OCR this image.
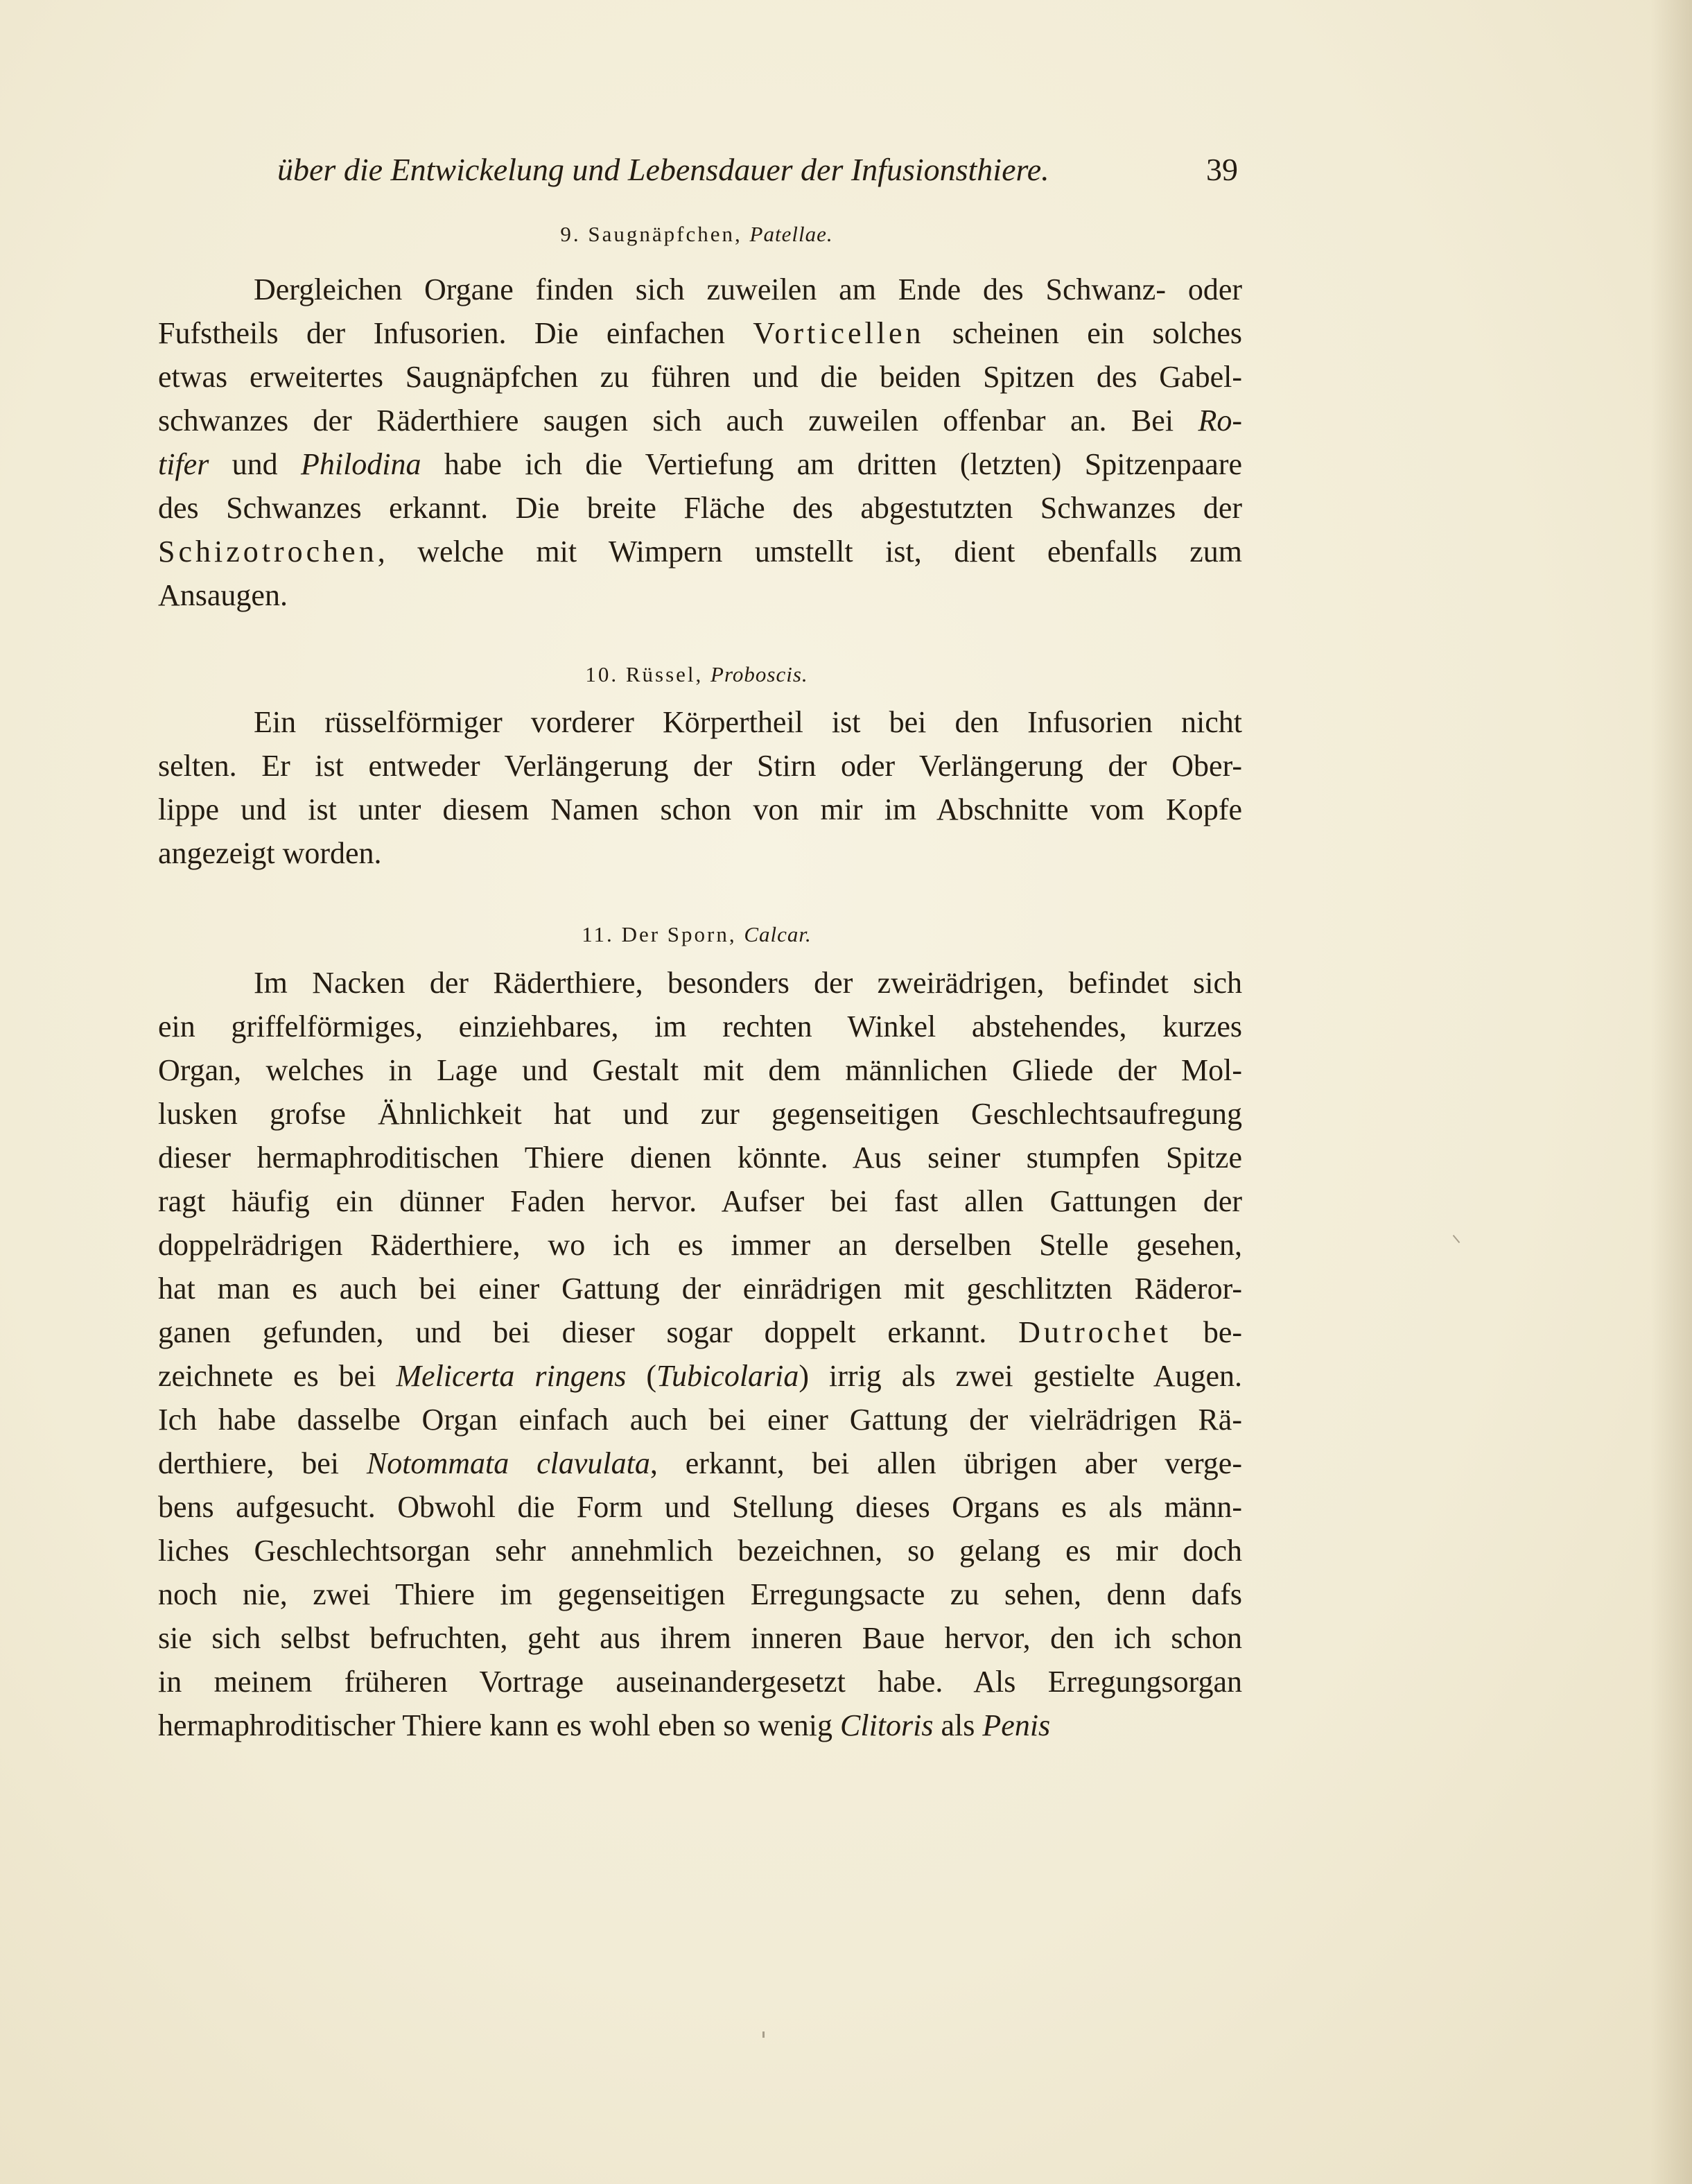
über die Entwickelung und Lebensdauer der Infusionsthiere.	39
9. Saugnäpfchen, Patellae.
Dergleichen Organe finden sich zuweilen am Ende des Schwanz- oder
Fufstheils der Infusorien. Die einfachen Vorticellen scheinen ein solches
etwas erweitertes Saugnäpfchen zu führen und die beiden Spitzen des Gabel-
schwanzes der Räderthiere saugen sich auch zuweilen offenbar an. Bei Ro-
tifer und Philodina habe ich die Vertiefung am dritten (letzten) Spitzenpaare
des Schwanzes erkannt. Die breite Fläche des abgestutzten Schwanzes der
Schizotrochen, welche mit Wimpern umstellt ist, dient ebenfalls zum
Ansaugen.
10. Rüssel, Proboscis.
Ein rüsselförmiger vorderer Körpertheil ist bei den Infusorien nicht
selten. Er ist entweder Verlängerung der Stirn oder Verlängerung der Ober-
lippe und ist unter diesem Namen schon von mir im Abschnitte vom Kopfe
angezeigt worden.
11. Der Sporn, Calcar.
Im Nacken der Räderthiere, besonders der zweirädrigen, befindet sich
ein griffelförmiges, einziehbares, im rechten Winkel abstehendes, kurzes
Organ, welches in Lage und Gestalt mit dem männlichen Gliede der Mol-
lusken grofse Ähnlichkeit hat und zur gegenseitigen Geschlechtsaufregung
dieser hermaphroditischen Thiere dienen könnte. Aus seiner stumpfen Spitze
ragt häufig ein dünner Faden hervor. Aufser bei fast allen Gattungen der
doppelrädrigen Räderthiere, wo ich es immer an derselben Stelle gesehen,
hat man es auch bei einer Gattung der einrädrigen mit geschlitzten Räderor-
ganen gefunden, und bei dieser sogar doppelt erkannt. Dutrochet be-
zeichnete es bei Melicerta ringens (Tubicolaria) irrig als zwei gestielte Augen.
Ich habe dasselbe Organ einfach auch bei einer Gattung der vielrädrigen Rä-
derthiere, bei Notommata clavulata, erkannt, bei allen übrigen aber verge-
bens aufgesucht. Obwohl die Form und Stellung dieses Organs es als männ-
liches Geschlechtsorgan sehr annehmlich bezeichnen, so gelang es mir doch
noch nie, zwei Thiere im gegenseitigen Erregungsacte zu sehen, denn dafs
sie sich selbst befruchten, geht aus ihrem inneren Baue hervor, den ich schon
in meinem früheren Vortrage auseinandergesetzt habe. Als Erregungsorgan
hermaphroditischer Thiere kann es wohl eben so wenig Clitoris als Penis
